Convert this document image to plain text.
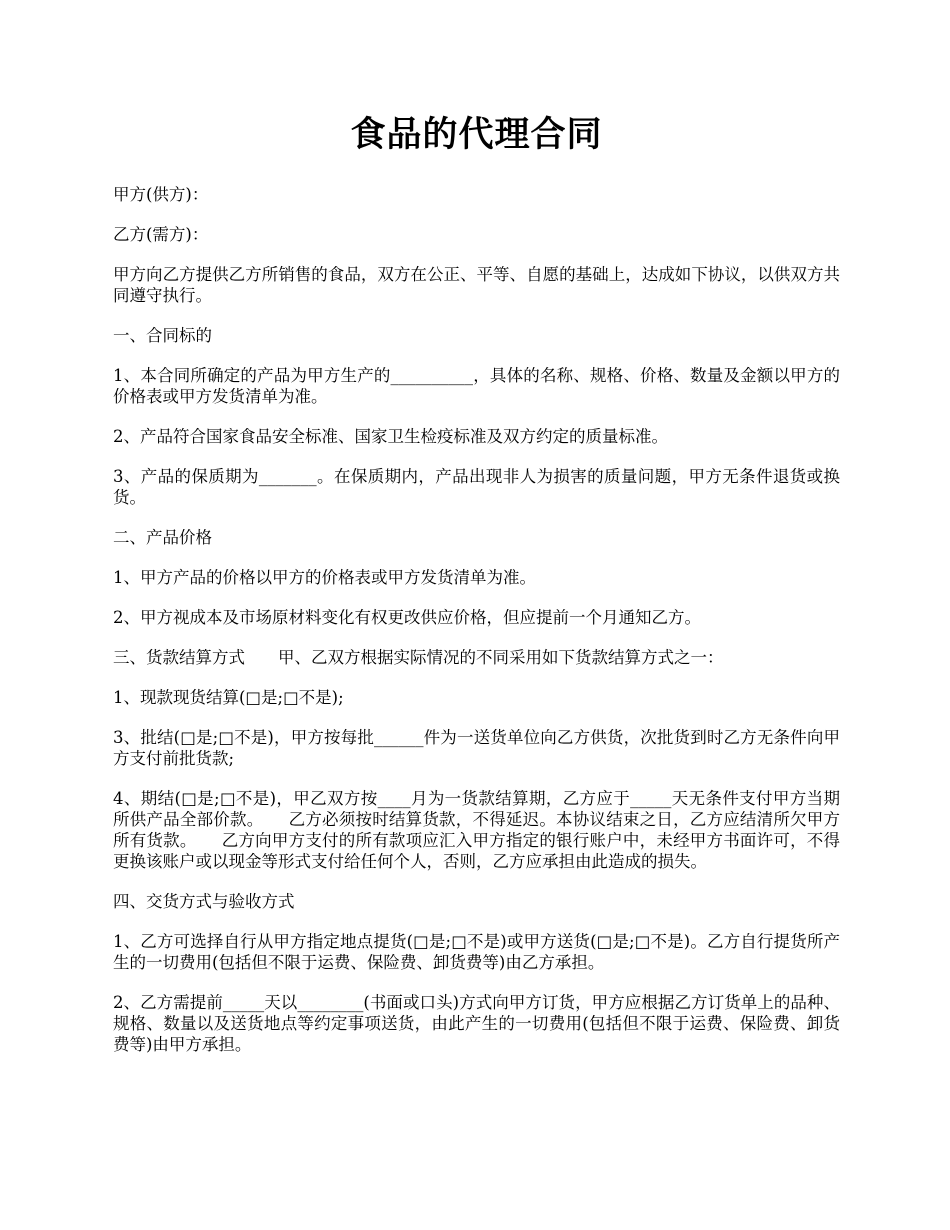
食品的代理合同

甲方(供方)：

乙方(需方)：

甲方向乙方提供乙方所销售的食品，双方在公正、平等、自愿的基础上，达成如下协议，以供双方共同遵守执行。

一、合同标的

1、本合同所确定的产品为甲方生产的__________，具体的名称、规格、价格、数量及金额以甲方的价格表或甲方发货清单为准。

2、产品符合国家食品安全标准、国家卫生检疫标准及双方约定的质量标准。

3、产品的保质期为_______。在保质期内，产品出现非人为损害的质量问题，甲方无条件退货或换货。

二、产品价格

1、甲方产品的价格以甲方的价格表或甲方发货清单为准。

2、甲方视成本及市场原材料变化有权更改供应价格，但应提前一个月通知乙方。

三、货款结算方式　　甲、乙双方根据实际情况的不同采用如下货款结算方式之一：

1、现款现货结算(□是;□不是);

3、批结(□是;□不是)，甲方按每批______件为一送货单位向乙方供货，次批货到时乙方无条件向甲方支付前批货款;

4、期结(□是;□不是)，甲乙双方按____月为一货款结算期，乙方应于_____天无条件支付甲方当期所供产品全部价款。　　乙方必须按时结算货款，不得延迟。本协议结束之日，乙方应结清所欠甲方所有货款。　　乙方向甲方支付的所有款项应汇入甲方指定的银行账户中，未经甲方书面许可，不得更换该账户或以现金等形式支付给任何个人，否则，乙方应承担由此造成的损失。

四、交货方式与验收方式

1、乙方可选择自行从甲方指定地点提货(□是;□不是)或甲方送货(□是;□不是)。乙方自行提货所产生的一切费用(包括但不限于运费、保险费、卸货费等)由乙方承担。

2、乙方需提前_____天以________(书面或口头)方式向甲方订货，甲方应根据乙方订货单上的品种、规格、数量以及送货地点等约定事项送货，由此产生的一切费用(包括但不限于运费、保险费、卸货费等)由甲方承担。
